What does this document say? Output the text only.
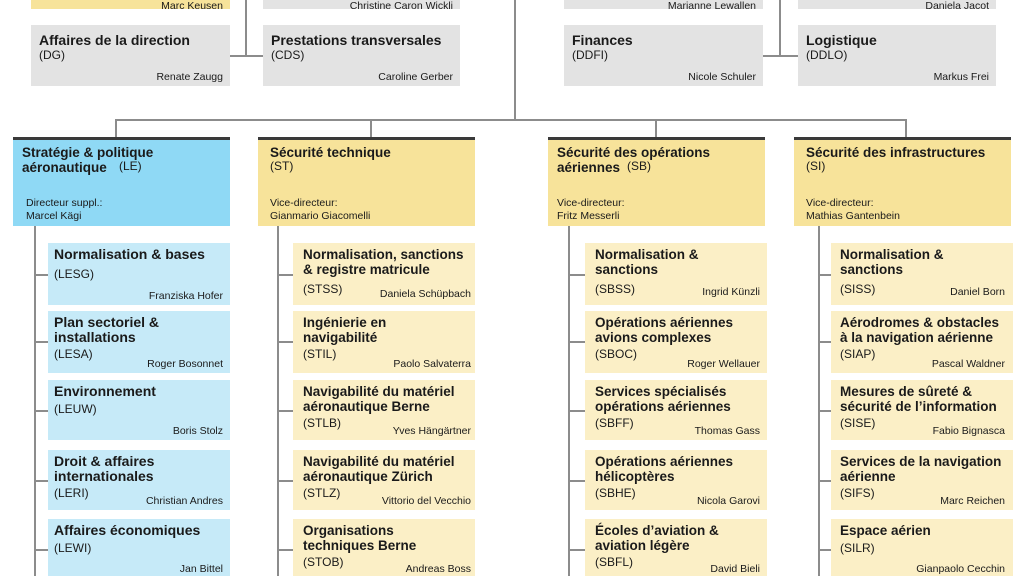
Marc Keusen	Christine Caron Wickli	Marianne Lewallen	Daniela Jacot
Affaires de la direction
(DG)
Renate Zaugg
Prestations transversales
(CDS)
Caroline Gerber
Finances
(DDFI)
Nicole Schuler
Logistique
(DDLO)
Markus Frei
Stratégie & politique
aéronautique	(LE)
Directeur suppl.:
Marcel Kägi
Sécurité technique
(ST)
Vice-directeur:
Gianmario Giacomelli
Sécurité des opérations
aériennes (SB)
Vice-directeur:
Fritz Messerli
Sécurité des infrastructures
(SI)
Vice-directeur:
Mathias Gantenbein
Normalisation & bases
(LESG)
Franziska Hofer
Plan sectoriel &
installations
(LESA)
Roger Bosonnet
Environnement
(LEUW)
Boris Stolz
Droit & affaires
internationales
(LERI)
Christian Andres
Affaires économiques
(LEWI)
Jan Bittel
Normalisation, sanctions
& registre matricule
(STSS)	Daniela Schüpbach
Ingénierie en
navigabilité
(STIL)
Paolo Salvaterra
Navigabilité du matériel
aéronautique Berne
(STLB)
Yves Hängärtner
Navigabilité du matériel
aéronautique Zürich
(STLZ)
Vittorio del Vecchio
Organisations
techniques Berne
(STOB)	Andreas Boss
Normalisation &
sanctions
(SBSS)	Ingrid Künzli
Opérations aériennes
avions complexes
(SBOC)
Roger Wellauer
Services spécialisés
opérations aériennes
(SBFF)
Thomas Gass
Opérations aériennes
hélicoptères
(SBHE)
Nicola Garovi
Écoles d’aviation &
aviation légère
(SBFL)	David Bieli
Normalisation &
sanctions
(SISS)	Daniel Born
Aérodromes & obstacles
à la navigation aérienne
(SIAP)
Pascal Waldner
Mesures de sûreté &
sécurité de l’information
(SISE)
Fabio Bignasca
Services de la navigation
aérienne
(SIFS)
Marc Reichen
Espace aérien
(SILR)
Gianpaolo Cecchin
